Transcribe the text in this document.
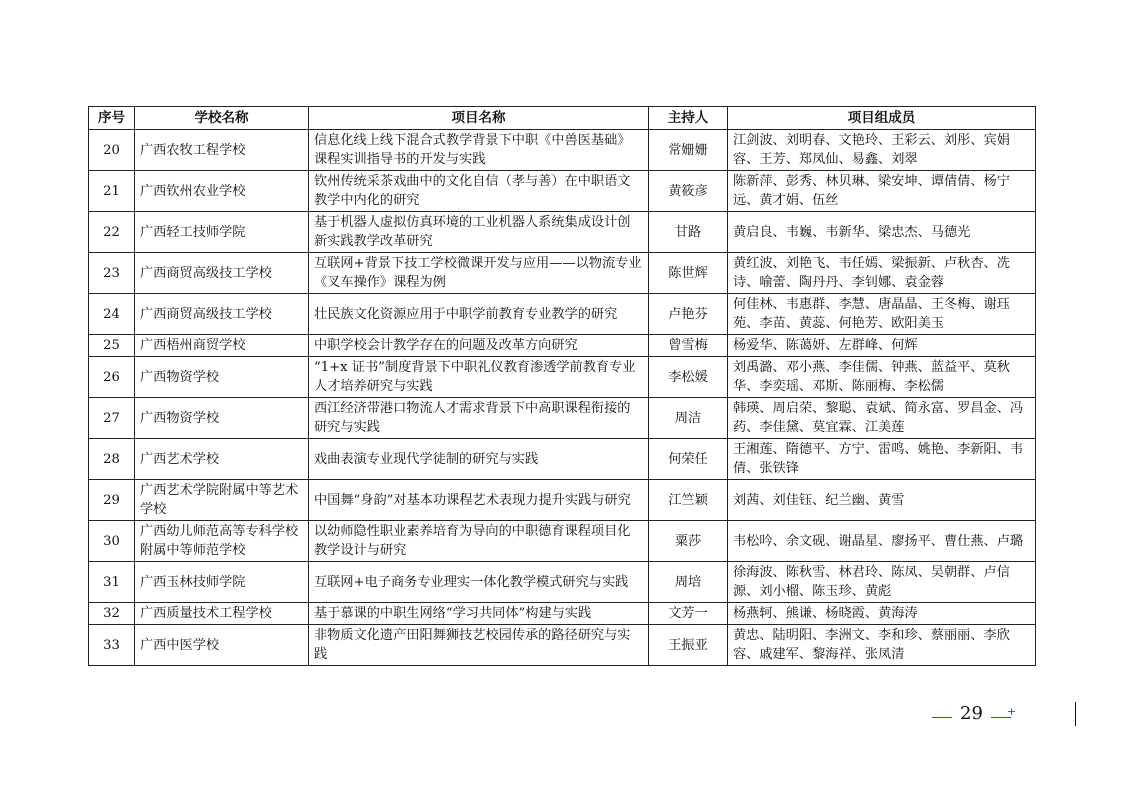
序号	学校名称	项目名称	主持人	项目组成员
20	广西农牧工程学校	信息化线上线下混合式教学背景下中职《中兽医基础》课程实训指导书的开发与实践	常姗姗	江剑波、刘明春、文艳玲、王彩云、刘彤、宾娟容、王芳、郑凤仙、易鑫、刘翠
21	广西钦州农业学校	钦州传统采茶戏曲中的文化自信（孝与善）在中职语文教学中内化的研究	黄筱彦	陈新萍、彭秀、林贝琳、梁安坤、谭倩倩、杨宁远、黄才娟、伍丝
22	广西轻工技师学院	基于机器人虚拟仿真环境的工业机器人系统集成设计创新实践教学改革研究	甘路	黄启良、韦巍、韦新华、梁忠杰、马德光
23	广西商贸高级技工学校	互联网+背景下技工学校微课开发与应用——以物流专业《叉车操作》课程为例	陈世辉	黄红波、刘艳飞、韦任嫣、梁振新、卢秋杏、冼诗、喻蕾、陶丹丹、李钊娜、袁金蓉
24	广西商贸高级技工学校	壮民族文化资源应用于中职学前教育专业教学的研究	卢艳芬	何佳林、韦惠群、李慧、唐晶晶、王冬梅、谢珏苑、李苗、黄蕊、何艳芳、欧阳美玉
25	广西梧州商贸学校	中职学校会计教学存在的问题及改革方向研究	曾雪梅	杨爱华、陈蔼妍、左群峰、何辉
26	广西物资学校	“1+x 证书”制度背景下中职礼仪教育渗透学前教育专业人才培养研究与实践	李松媛	刘禹潞、邓小燕、李佳儒、钟燕、蓝益平、莫秋华、李奕瑶、邓斯、陈丽梅、李松儒
27	广西物资学校	西江经济带港口物流人才需求背景下中高职课程衔接的研究与实践	周洁	韩瑛、周启荣、黎聪、袁斌、简永富、罗昌金、冯药、李佳黛、莫宜霖、江美莲
28	广西艺术学校	戏曲表演专业现代学徒制的研究与实践	何荣任	王湘莲、隋德平、方宁、雷鸣、姚艳、李新阳、韦倩、张铁锋
29	广西艺术学院附属中等艺术学校	中国舞“身韵”对基本功课程艺术表现力提升实践与研究	江竺颖	刘茜、刘佳钰、纪兰幽、黄雪
30	广西幼儿师范高等专科学校附属中等师范学校	以幼师隐性职业素养培育为导向的中职德育课程项目化教学设计与研究	粟莎	韦松吟、余文砚、谢晶星、廖扬平、曹仕燕、卢璐
31	广西玉林技师学院	互联网+电子商务专业理实一体化教学模式研究与实践	周培	徐海波、陈秋雪、林君玲、陈凤、吴朝群、卢信源、刘小榴、陈玉珍、黄彪
32	广西质量技术工程学校	基于慕课的中职生网络“学习共同体”构建与实践	文芳一	杨燕轲、熊谦、杨晓霞、黄海涛
33	广西中医学校	非物质文化遗产田阳舞狮技艺校园传承的路径研究与实践	王振亚	黄忠、陆明阳、李洲文、李和珍、蔡丽丽、李欣容、戚建军、黎海祥、张凤清
29 +
